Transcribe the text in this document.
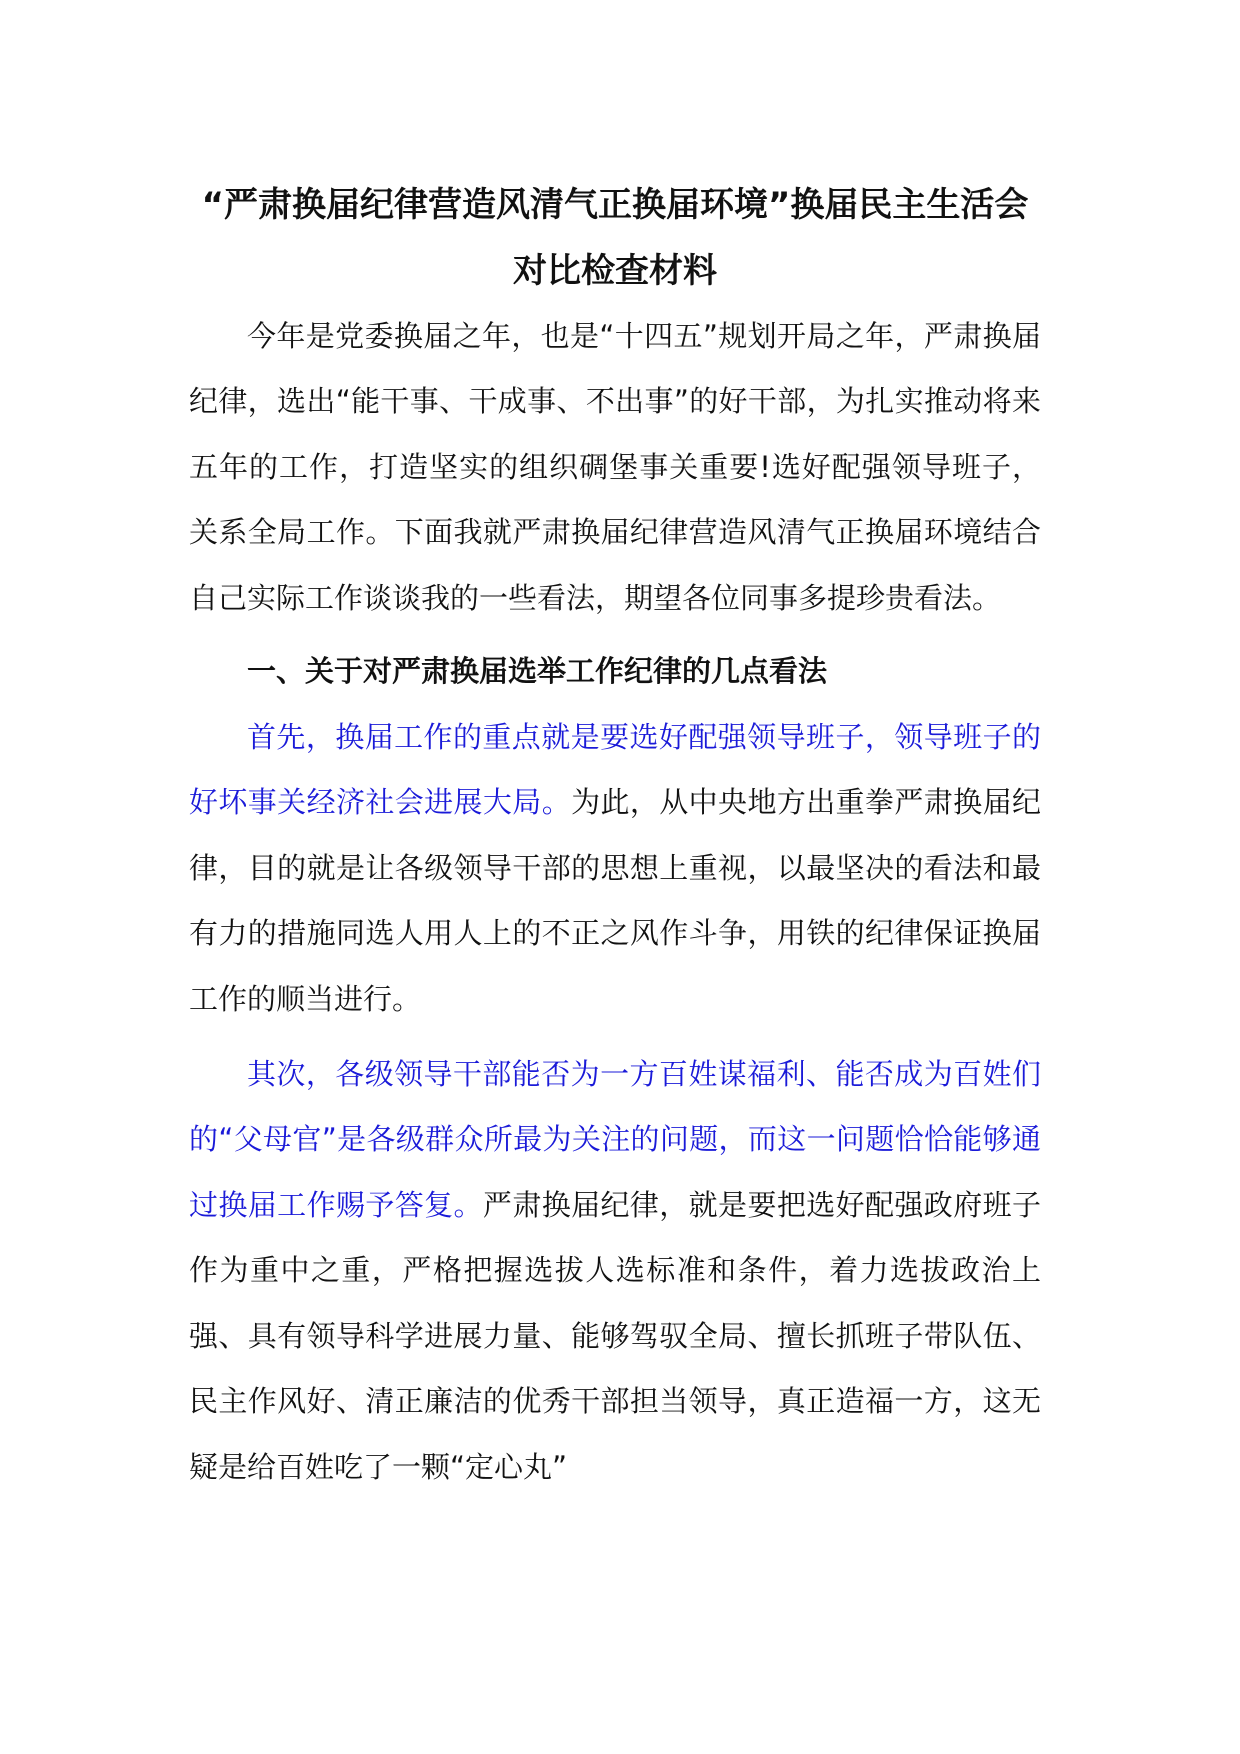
“严肃换届纪律营造风清气正换届环境”换届民主生活会对比检查材料

今年是党委换届之年，也是“十四五”规划开局之年，严肃换届纪律，选出“能干事、干成事、不出事”的好干部，为扎实推动将来五年的工作，打造坚实的组织碉堡事关重要!选好配强领导班子，关系全局工作。下面我就严肃换届纪律营造风清气正换届环境结合自己实际工作谈谈我的一些看法，期望各位同事多提珍贵看法。

一、关于对严肃换届选举工作纪律的几点看法

首先，换届工作的重点就是要选好配强领导班子，领导班子的好坏事关经济社会进展大局。为此，从中央地方出重拳严肃换届纪律，目的就是让各级领导干部的思想上重视，以最坚决的看法和最有力的措施同选人用人上的不正之风作斗争，用铁的纪律保证换届工作的顺当进行。

其次，各级领导干部能否为一方百姓谋福利、能否成为百姓们的“父母官”是各级群众所最为关注的问题，而这一问题恰恰能够通过换届工作赐予答复。严肃换届纪律，就是要把选好配强政府班子作为重中之重，严格把握选拔人选标准和条件，着力选拔政治上强、具有领导科学进展力量、能够驾驭全局、擅长抓班子带队伍、民主作风好、清正廉洁的优秀干部担当领导，真正造福一方，这无疑是给百姓吃了一颗“定心丸”
